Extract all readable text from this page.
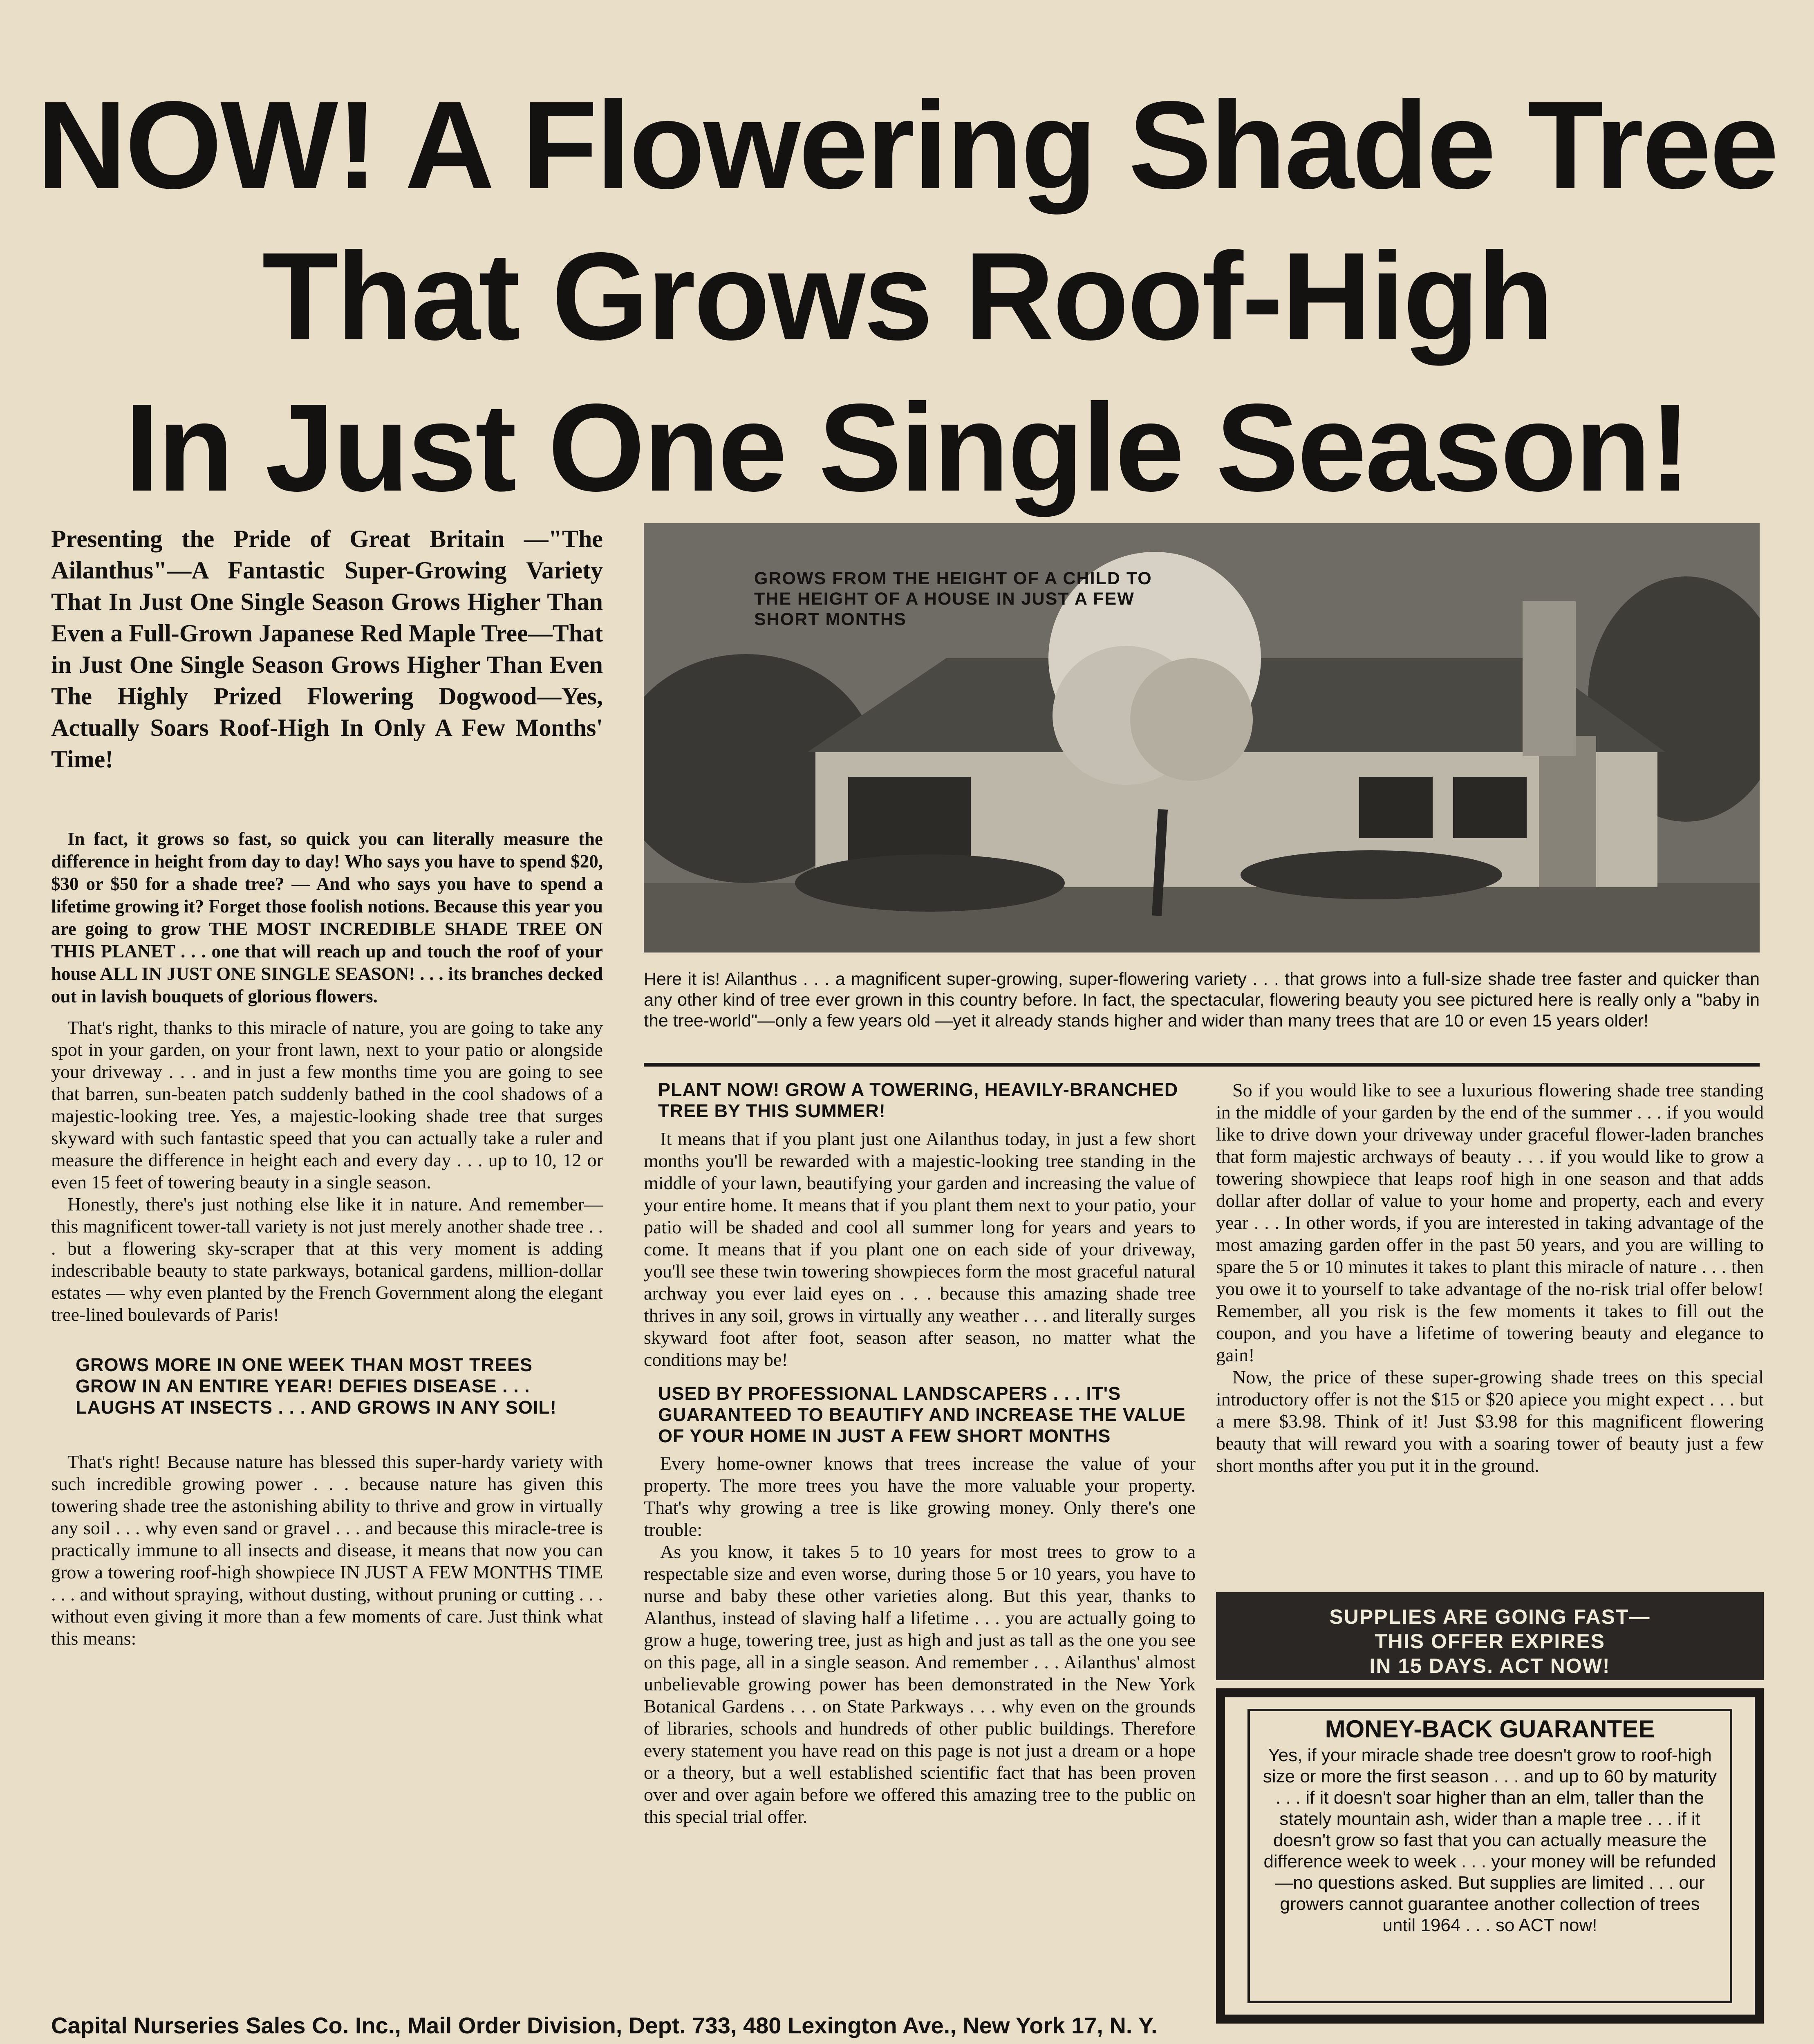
NOW! A Flowering Shade Tree
That Grows Roof-High
In Just One Single Season!
Presenting the Pride of Great Britain —"The Ailanthus"—A Fantastic Super-Growing Variety That In Just One Single Season Grows Higher Than Even a Full-Grown Japanese Red Maple Tree—That in Just One Single Season Grows Higher Than Even The Highly Prized Flowering Dogwood—Yes, Actually Soars Roof-High In Only A Few Months' Time!

In fact, it grows so fast, so quick you can literally measure the difference in height from day to day! Who says you have to spend $20, $30 or $50 for a shade tree? — And who says you have to spend a lifetime growing it? Forget those foolish notions. Because this year you are going to grow THE MOST INCREDIBLE SHADE TREE ON THIS PLANET . . . one that will reach up and touch the roof of your house ALL IN JUST ONE SINGLE SEASON! . . . its branches decked out in lavish bouquets of glorious flowers.

That's right, thanks to this miracle of nature, you are going to take any spot in your garden, on your front lawn, next to your patio or alongside your driveway . . . and in just a few months time you are going to see that barren, sun-beaten patch suddenly bathed in the cool shadows of a majestic-looking tree. Yes, a majestic-looking shade tree that surges skyward with such fantastic speed that you can actually take a ruler and measure the difference in height each and every day . . . up to 10, 12 or even 15 feet of towering beauty in a single season.

Honestly, there's just nothing else like it in nature. And remember—this magnificent tower-tall variety is not just merely another shade tree . . . but a flowering sky-scraper that at this very moment is adding indescribable beauty to state parkways, botanical gardens, million-dollar estates — why even planted by the French Government along the elegant tree-lined boulevards of Paris!

GROWS MORE IN ONE WEEK THAN MOST TREES GROW IN AN ENTIRE YEAR! DEFIES DISEASE . . . LAUGHS AT INSECTS . . . AND GROWS IN ANY SOIL!

That's right! Because nature has blessed this super-hardy variety with such incredible growing power . . . because nature has given this towering shade tree the astonishing ability to thrive and grow in virtually any soil . . . why even sand or gravel . . . and because this miracle-tree is practically immune to all insects and disease, it means that now you can grow a towering roof-high showpiece IN JUST A FEW MONTHS TIME . . . and without spraying, without dusting, without pruning or cutting . . . without even giving it more than a few moments of care. Just think what this means:

GROWS FROM THE HEIGHT OF A CHILD TO THE HEIGHT OF A HOUSE IN JUST A FEW SHORT MONTHS
Here it is! Ailanthus . . . a magnificent super-growing, super-flowering variety . . . that grows into a full-size shade tree faster and quicker than any other kind of tree ever grown in this country before. In fact, the spectacular, flowering beauty you see pictured here is really only a "baby in the tree-world"—only a few years old —yet it already stands higher and wider than many trees that are 10 or even 15 years older!

PLANT NOW! GROW A TOWERING, HEAVILY-BRANCHED TREE BY THIS SUMMER!

It means that if you plant just one Ailanthus today, in just a few short months you'll be rewarded with a majestic-looking tree standing in the middle of your lawn, beautifying your garden and increasing the value of your entire home. It means that if you plant them next to your patio, your patio will be shaded and cool all summer long for years and years to come. It means that if you plant one on each side of your driveway, you'll see these twin towering showpieces form the most graceful natural archway you ever laid eyes on . . . because this amazing shade tree thrives in any soil, grows in virtually any weather . . . and literally surges skyward foot after foot, season after season, no matter what the conditions may be!

USED BY PROFESSIONAL LANDSCAPERS . . . IT'S GUARANTEED TO BEAUTIFY AND INCREASE THE VALUE OF YOUR HOME IN JUST A FEW SHORT MONTHS

Every home-owner knows that trees increase the value of your property. The more trees you have the more valuable your property. That's why growing a tree is like growing money. Only there's one trouble:

As you know, it takes 5 to 10 years for most trees to grow to a respectable size and even worse, during those 5 or 10 years, you have to nurse and baby these other varieties along. But this year, thanks to Alanthus, instead of slaving half a lifetime . . . you are actually going to grow a huge, towering tree, just as high and just as tall as the one you see on this page, all in a single season. And remember . . . Ailanthus' almost unbelievable growing power has been demonstrated in the New York Botanical Gardens . . . on State Parkways . . . why even on the grounds of libraries, schools and hundreds of other public buildings. Therefore every statement you have read on this page is not just a dream or a hope or a theory, but a well established scientific fact that has been proven over and over again before we offered this amazing tree to the public on this special trial offer.

So if you would like to see a luxurious flowering shade tree standing in the middle of your garden by the end of the summer . . . if you would like to drive down your driveway under graceful flower-laden branches that form majestic archways of beauty . . . if you would like to grow a towering showpiece that leaps roof high in one season and that adds dollar after dollar of value to your home and property, each and every year . . . In other words, if you are interested in taking advantage of the most amazing garden offer in the past 50 years, and you are willing to spare the 5 or 10 minutes it takes to plant this miracle of nature . . . then you owe it to yourself to take advantage of the no-risk trial offer below! Remember, all you risk is the few moments it takes to fill out the coupon, and you have a lifetime of towering beauty and elegance to gain!

Now, the price of these super-growing shade trees on this special introductory offer is not the $15 or $20 apiece you might expect . . . but a mere $3.98. Think of it! Just $3.98 for this magnificent flowering beauty that will reward you with a soaring tower of beauty just a few short months after you put it in the ground.

SUPPLIES ARE GOING FAST—
THIS OFFER EXPIRES
IN 15 DAYS. ACT NOW!
MONEY-BACK GUARANTEE
Yes, if your miracle shade tree doesn't grow to roof-high size or more the first season . . . and up to 60 by maturity . . . if it doesn't soar higher than an elm, taller than the stately mountain ash, wider than a maple tree . . . if it doesn't grow so fast that you can actually measure the difference week to week . . . your money will be refunded—no questions asked. But supplies are limited . . . our growers cannot guarantee another collection of trees until 1964 . . . so ACT now!
Capital Nurseries Sales Co. Inc., Mail Order Division, Dept. 733, 480 Lexington Ave., New York 17, N. Y.
